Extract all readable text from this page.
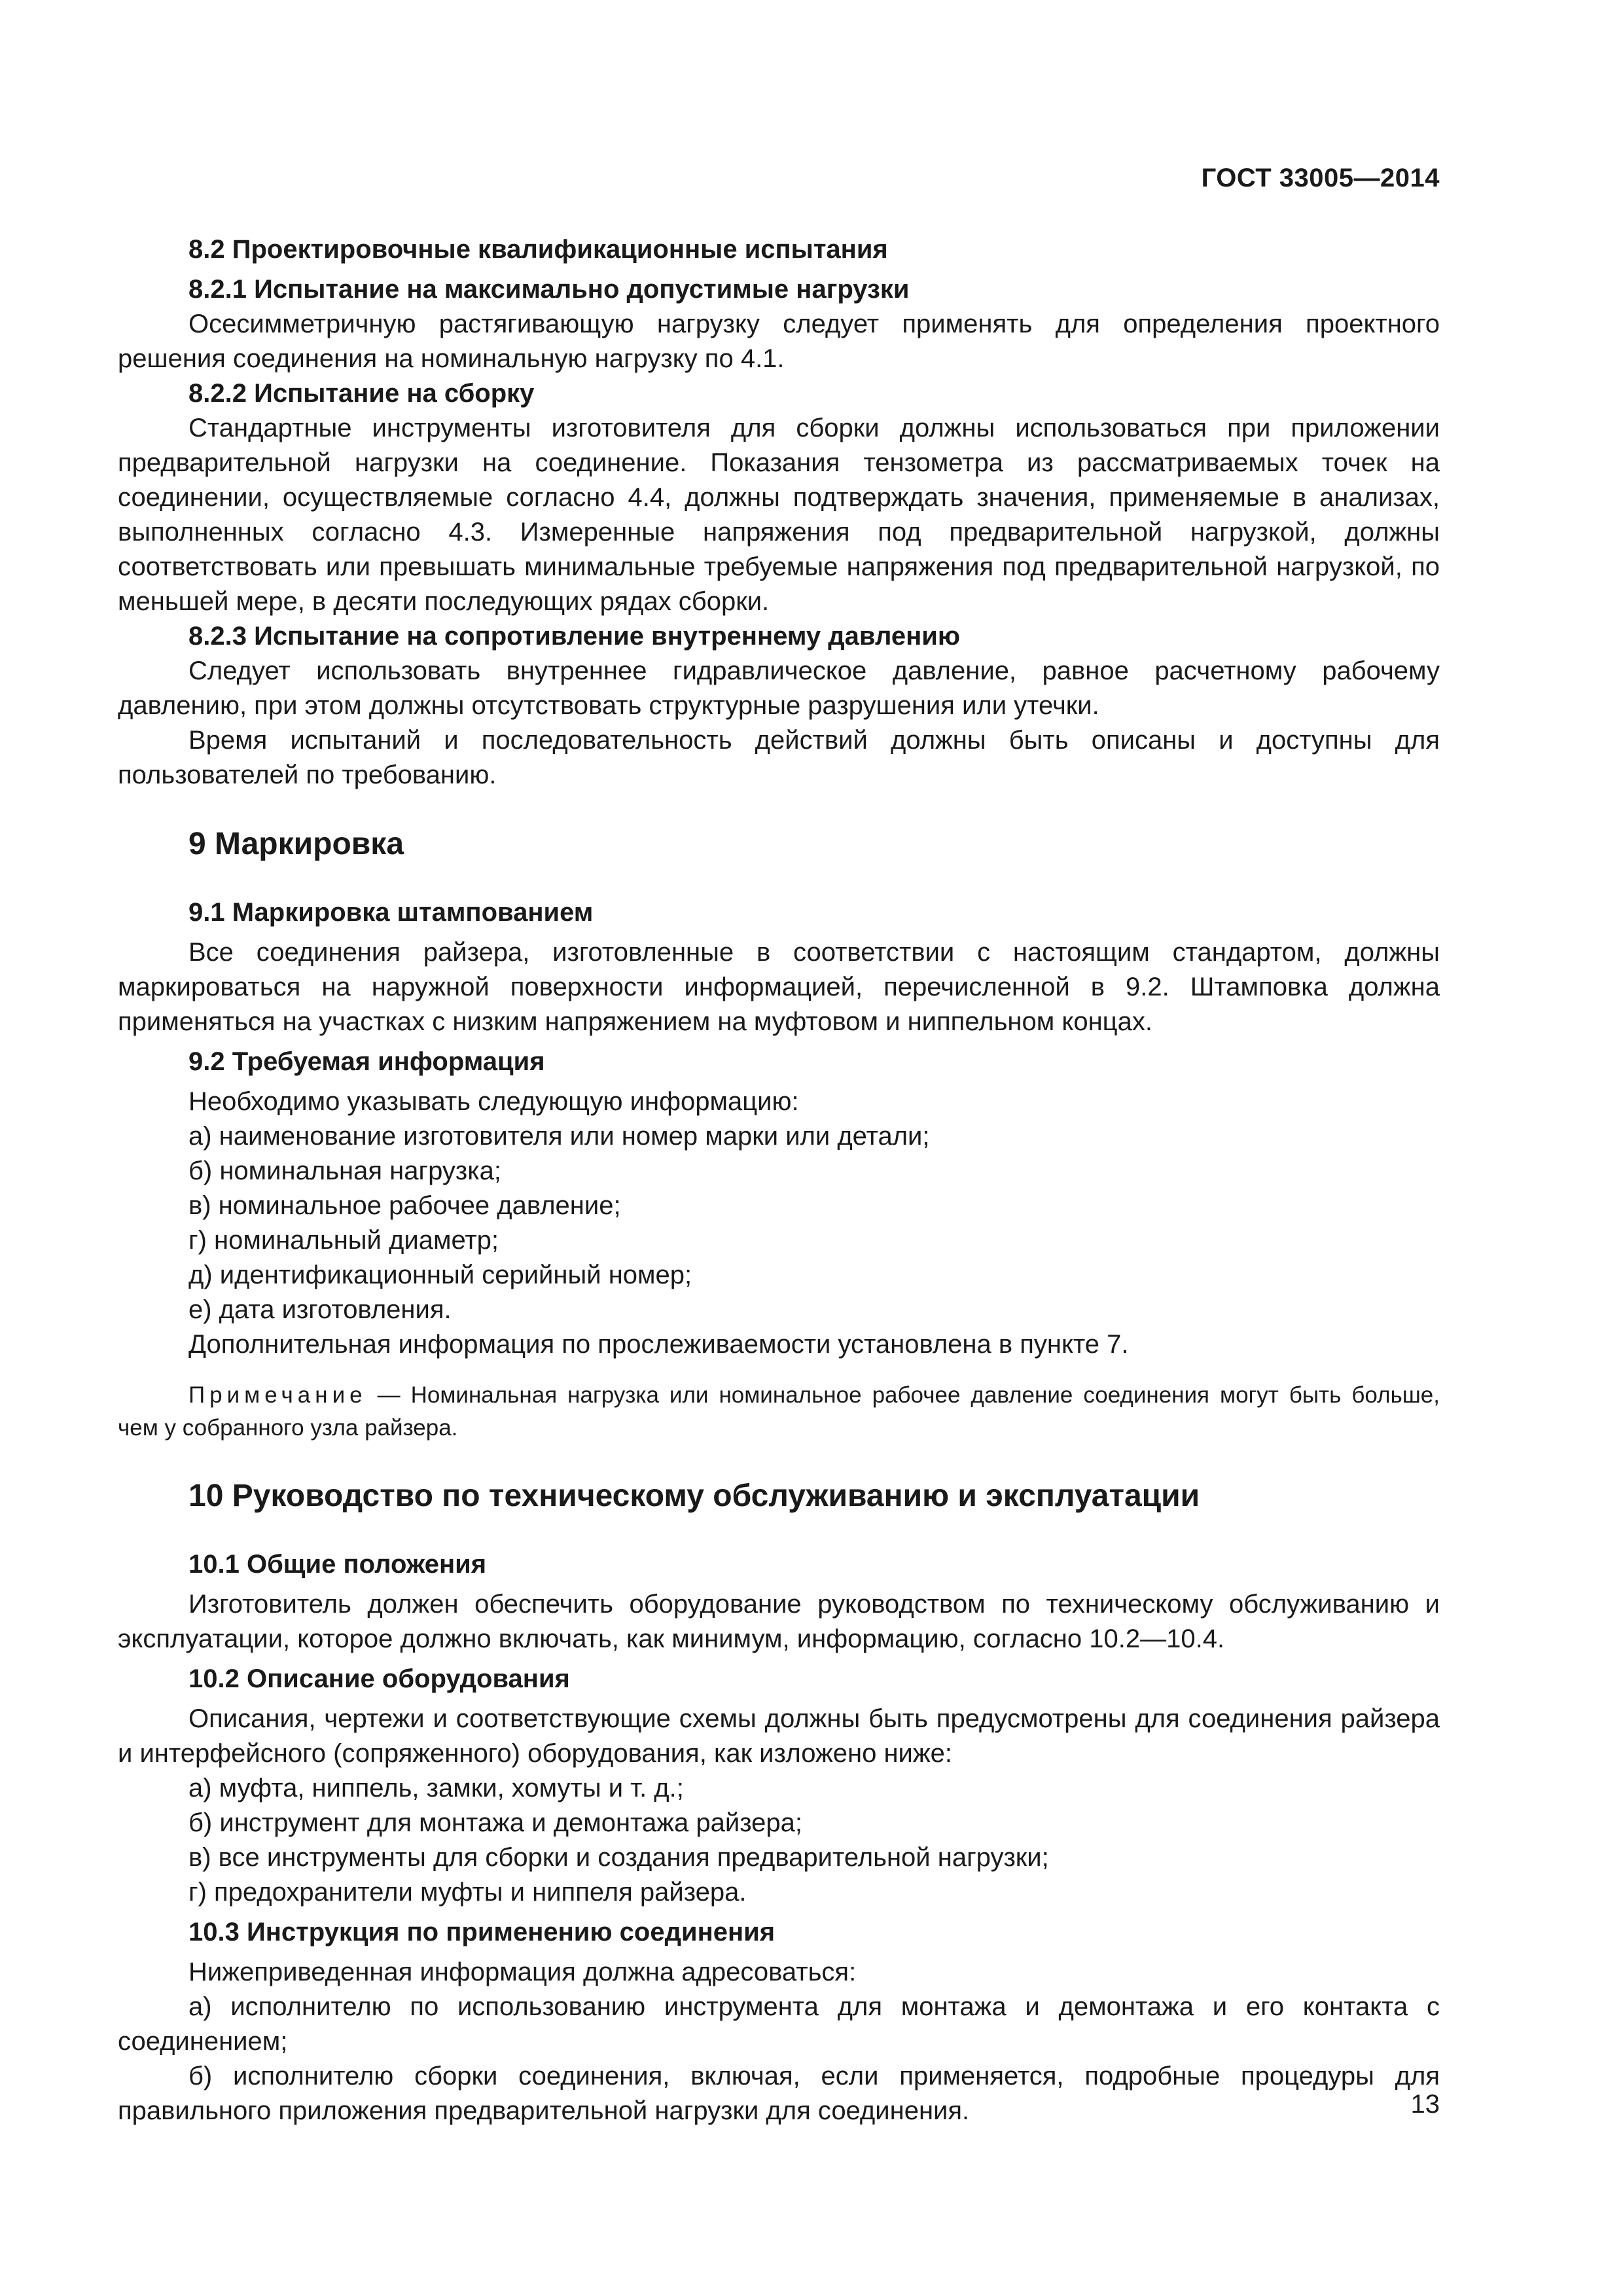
ГОСТ 33005—2014

8.2 Проектировочные квалификационные испытания

8.2.1 Испытание на максимально допустимые нагрузки

Осесимметричную растягивающую нагрузку следует применять для определения проектного решения соединения на номинальную нагрузку по 4.1.

8.2.2 Испытание на сборку

Стандартные инструменты изготовителя для сборки должны использоваться при приложении предварительной нагрузки на соединение. Показания тензометра из рассматриваемых точек на соединении, осуществляемые согласно 4.4, должны подтверждать значения, применяемые в анализах, выполненных согласно 4.3. Измеренные напряжения под предварительной нагрузкой, должны соответствовать или превышать минимальные требуемые напряжения под предварительной нагрузкой, по меньшей мере, в десяти последующих рядах сборки.

8.2.3 Испытание на сопротивление внутреннему давлению

Следует использовать внутреннее гидравлическое давление, равное расчетному рабочему давлению, при этом должны отсутствовать структурные разрушения или утечки.

Время испытаний и последовательность действий должны быть описаны и доступны для пользователей по требованию.

9 Маркировка

9.1 Маркировка штампованием

Все соединения райзера, изготовленные в соответствии с настоящим стандартом, должны маркироваться на наружной поверхности информацией, перечисленной в 9.2. Штамповка должна применяться на участках с низким напряжением на муфтовом и ниппельном концах.

9.2 Требуемая информация

Необходимо указывать следующую информацию:

а) наименование изготовителя или номер марки или детали;

б) номинальная нагрузка;

в) номинальное рабочее давление;

г) номинальный диаметр;

д) идентификационный серийный номер;

е) дата изготовления.

Дополнительная информация по прослеживаемости установлена в пункте 7.

Примечание — Номинальная нагрузка или номинальное рабочее давление соединения могут быть больше, чем у собранного узла райзера.

10 Руководство по техническому обслуживанию и эксплуатации

10.1 Общие положения

Изготовитель должен обеспечить оборудование руководством по техническому обслуживанию и эксплуатации, которое должно включать, как минимум, информацию, согласно 10.2—10.4.

10.2 Описание оборудования

Описания, чертежи и соответствующие схемы должны быть предусмотрены для соединения райзера и интерфейсного (сопряженного) оборудования, как изложено ниже:

а) муфта, ниппель, замки, хомуты и т. д.;

б) инструмент для монтажа и демонтажа райзера;

в) все инструменты для сборки и создания предварительной нагрузки;

г) предохранители муфты и ниппеля райзера.

10.3 Инструкция по применению соединения

Нижеприведенная информация должна адресоваться:

а) исполнителю по использованию инструмента для монтажа и демонтажа и его контакта с соединением;

б) исполнителю сборки соединения, включая, если применяется, подробные процедуры для правильного приложения предварительной нагрузки для соединения.	13
